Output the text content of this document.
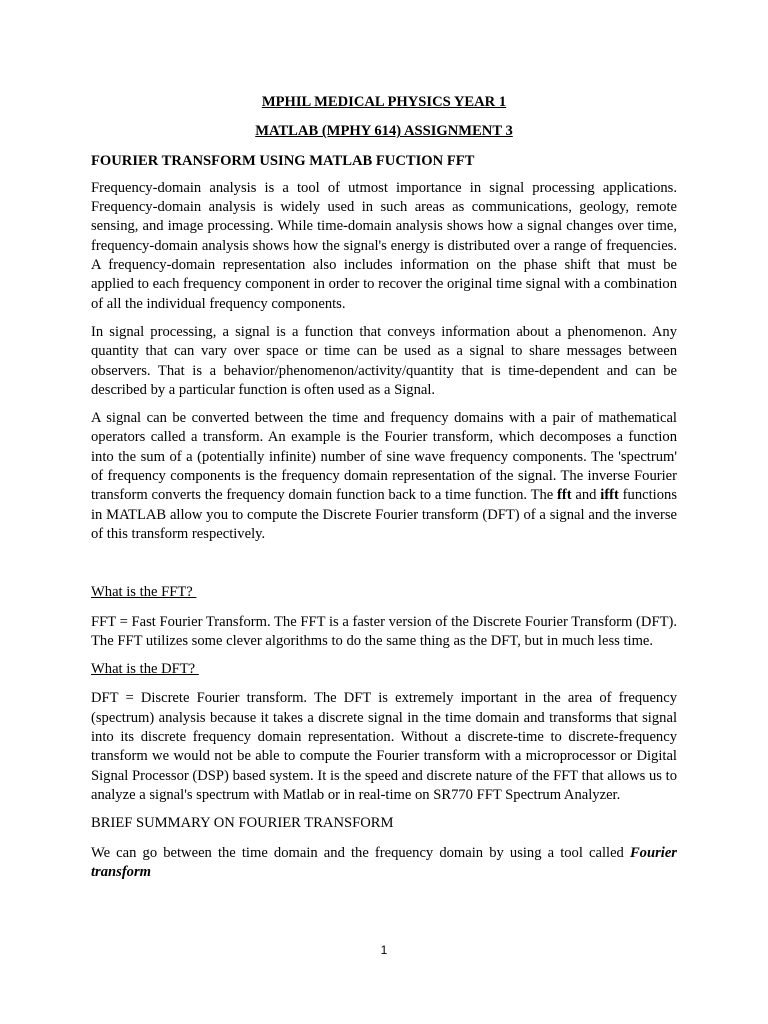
MPHIL MEDICAL PHYSICS YEAR 1
MATLAB (MPHY 614) ASSIGNMENT 3
FOURIER TRANSFORM USING MATLAB FUCTION FFT

Frequency-domain analysis is a tool of utmost importance in signal processing applications. Frequency-domain analysis is widely used in such areas as communications, geology, remote sensing, and image processing. While time-domain analysis shows how a signal changes over time, frequency-domain analysis shows how the signal's energy is distributed over a range of frequencies. A frequency-domain representation also includes information on the phase shift that must be applied to each frequency component in order to recover the original time signal with a combination of all the individual frequency components.

In signal processing, a signal is a function that conveys information about a phenomenon. Any quantity that can vary over space or time can be used as a signal to share messages between observers. That is a behavior/phenomenon/activity/quantity that is time-dependent and can be described by a particular function is often used as a Signal.

A signal can be converted between the time and frequency domains with a pair of mathematical operators called a transform. An example is the Fourier transform, which decomposes a function into the sum of a (potentially infinite) number of sine wave frequency components. The 'spectrum' of frequency components is the frequency domain representation of the signal. The inverse Fourier transform converts the frequency domain function back to a time function. The fft and ifft functions in MATLAB allow you to compute the Discrete Fourier transform (DFT) of a signal and the inverse of this transform respectively.

What is the FFT?

FFT = Fast Fourier Transform. The FFT is a faster version of the Discrete Fourier Transform (DFT). The FFT utilizes some clever algorithms to do the same thing as the DFT, but in much less time.

What is the DFT?

DFT = Discrete Fourier transform. The DFT is extremely important in the area of frequency (spectrum) analysis because it takes a discrete signal in the time domain and transforms that signal into its discrete frequency domain representation. Without a discrete-time to discrete-frequency transform we would not be able to compute the Fourier transform with a microprocessor or Digital Signal Processor (DSP) based system. It is the speed and discrete nature of the FFT that allows us to analyze a signal's spectrum with Matlab or in real-time on SR770 FFT Spectrum Analyzer.

BRIEF SUMMARY ON FOURIER TRANSFORM

We can go between the time domain and the frequency domain by using a tool called Fourier transform

1
